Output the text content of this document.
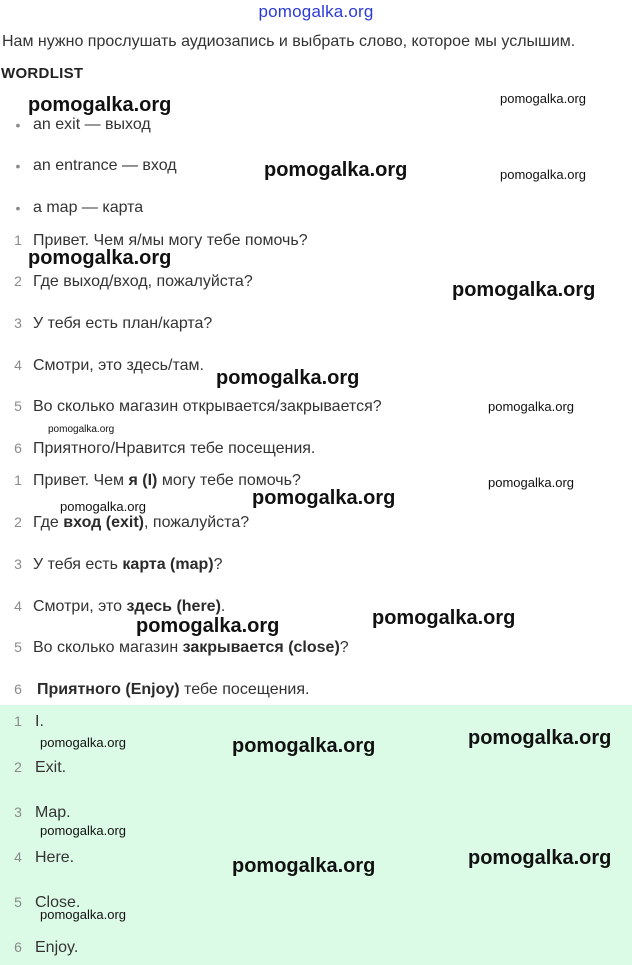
pomogalka.org
Нам нужно прослушать аудиозапись и выбрать слово, которое мы услышим.
WORDLIST
• an exit — выход
• an entrance — вход
• a map — карта
1 Привет. Чем я/мы могу тебе помочь?
2 Где выход/вход, пожалуйста?
3 У тебя есть план/карта?
4 Смотри, это здесь/там.
5 Во сколько магазин открывается/закрывается?
6 Приятного/Нравится тебе посещения.
1 Привет. Чем я (I) могу тебе помочь?
2 Где вход (exit), пожалуйста?
3 У тебя есть карта (map)?
4 Смотри, это здесь (here).
5 Во сколько магазин закрывается (close)?
6 Приятного (Enjoy) тебе посещения.
1 I.
2 Exit.
3 Map.
4 Here.
5 Close.
6 Enjoy.
pomogalka.org	pomogalka.org
pomogalka.org	pomogalka.org
pomogalka.org
pomogalka.org
pomogalka.org
pomogalka.org
pomogalka.org
pomogalka.org
pomogalka.org
pomogalka.org
pomogalka.org
pomogalka.org
pomogalka.org
pomogalka.org
pomogalka.org
pomogalka.org
pomogalka.org
pomogalka.org
pomogalka.org
